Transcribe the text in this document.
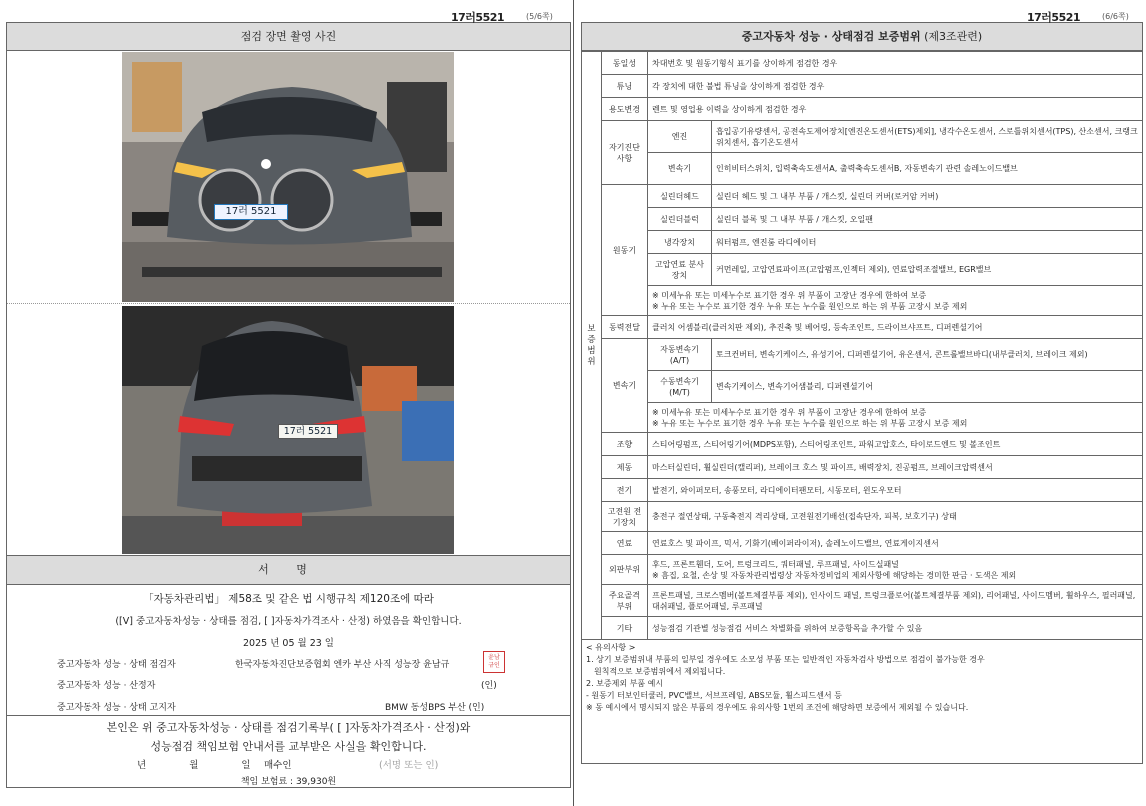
17러5521	(5/6쪽)
점검 장면 촬영 사진
17러 5521
17러 5521
서 명
「자동차관리법」 제58조 및 같은 법 시행규칙 제120조에 따라
([V] 중고자동차성능 · 상태를 점검, [ ]자동차가격조사 · 산정) 하였음을 확인합니다.
2025 년 05 월 23 일
중고자동차 성능 · 상태 점검자	한국자동차진단보증협회 엔카 부산 사직 성능장 윤남규
윤남
규인
중고자동차 성능 · 산정자	(인)
중고자동차 성능 · 상태 고지자	BMW 동성BPS 부산 (인)
본인은 위 중고자동차성능 · 상태를 점검기록부( [ ]자동차가격조사 · 산정)와
성능점검 책임보험 안내서를 교부받은 사실을 확인합니다.
년 월 일
매수인	(서명 또는 인)
책임 보험료 : 39,930원
17러5521	(6/6쪽)
중고자동차 성능 · 상태점검 보증범위 (제3조관련)
보 증 범 위	동일성	차대번호 및 원동기형식 표기를 상이하게 점검한 경우	
	튜닝	각 장치에 대한 불법 튜닝을 상이하게 점검한 경우	
	용도변경	렌트 및 영업용 이력을 상이하게 점검한 경우	
	자기진단 사항	엔진	흡입공기유량센서, 공전속도제어장치[엔진온도센서(ETS)제외], 냉각수온도센서, 스로틀위치센서(TPS), 산소센서, 크랭크위치센서, 흡기온도센서
		변속기	인히비터스위치, 입력축속도센서A, 출력축속도센서B, 자동변속기 관련 솔레노이드밸브
	원동기	실린더헤드	실린더 헤드 및 그 내부 부품 / 개스킷, 실린더 커버(로커암 커버)
		실린더블럭	실린더 블록 및 그 내부 부품 / 개스킷, 오일팬
		냉각장치	워터펌프, 엔진룸 라디에이터
		고압연료 분사장치	커먼레일, 고압연료파이프(고압펌프,인젝터 제외), 연료압력조절밸브, EGR밸브

		※ 미세누유 또는 미세누수로 표기한 경우 위 부품이 고장난 경우에 한하여 보증
※ 누유 또는 누수로 표기한 경우 누유 또는 누수를 원인으로 하는 위 부품 고장시 보증 제외	

	동력전달	클러치 어셈블리(클러치판 제외), 추진축 및 베어링, 등속조인트, 드라이브샤프트, 디퍼렌셜기어	
	변속기	자동변속기 (A/T)	토크컨버터, 변속기케이스, 유성기어, 디퍼렌셜기어, 유온센서, 콘트롤밸브바디(내부클러치, 브레이크 제외)
		수동변속기 (M/T)	변속기케이스, 변속기어샘블리, 디퍼렌셜기어

		※ 미세누유 또는 미세누수로 표기한 경우 위 부품이 고장난 경우에 한하여 보증
※ 누유 또는 누수로 표기한 경우 누유 또는 누수를 원인으로 하는 위 부품 고장시 보증 제외	

	조향	스티어링펌프, 스티어링기어(MDPS포함), 스티어링조인트, 파워고압호스, 타이로드엔드 및 볼조인트	
	제동	마스터실린더, 휠실린더(캘리퍼), 브레이크 호스 및 파이프, 배력장치, 진공펌프, 브레이크압력센서	
	전기	발전기, 와이퍼모터, 송풍모터, 라디에이터팬모터, 시동모터, 윈도우모터	
	고전원 전기장치	충전구 절연상태, 구동축전지 격리상태, 고전원전기배선(접속단자, 피복, 보호기구) 상태	
	연료	연료호스 및 파이프, 믹서, 기화기(베이퍼라이저), 솔레노이드밸브, 연료게이지센서	
	외판부위	후드, 프론트휀더, 도어, 트렁크리드, 쿼터패널, 루프패널, 사이드실패널
※ 흠집, 요철, 손상 및 자동차관리법령상 자동차정비업의 제외사항에 해당하는 경미한 판금 · 도색은 제외	
	주요골격 부위	프론트패널, 크로스멤버(볼트체결부품 제외), 인사이드 패널, 트렁크플로어(볼트체결부품 제외), 리어패널, 사이드멤버, 휠하우스, 필러패널, 대쉬패널, 플로어패널, 루프패널	
	기타	성능점검 기관별 성능점검 서비스 차별화를 위하여 보증항목을 추가할 수 있음	
< 유의사항 >
1. 상기 보증범위내 부품의 일부일 경우에도 소모성 부품 또는 일반적인 자동차검사 방법으로 점검이 불가능한 경우
원칙적으로 보증범위에서 제외됩니다.
2. 보증제외 부품 예시
- 원동기 터보인터쿨러, PVC밸브, 서브프레임, ABS모듈, 휠스피드센서 등
※ 동 예시에서 명시되지 않은 부품의 경우에도 유의사항 1번의 조건에 해당하면 보증에서 제외될 수 있습니다.
